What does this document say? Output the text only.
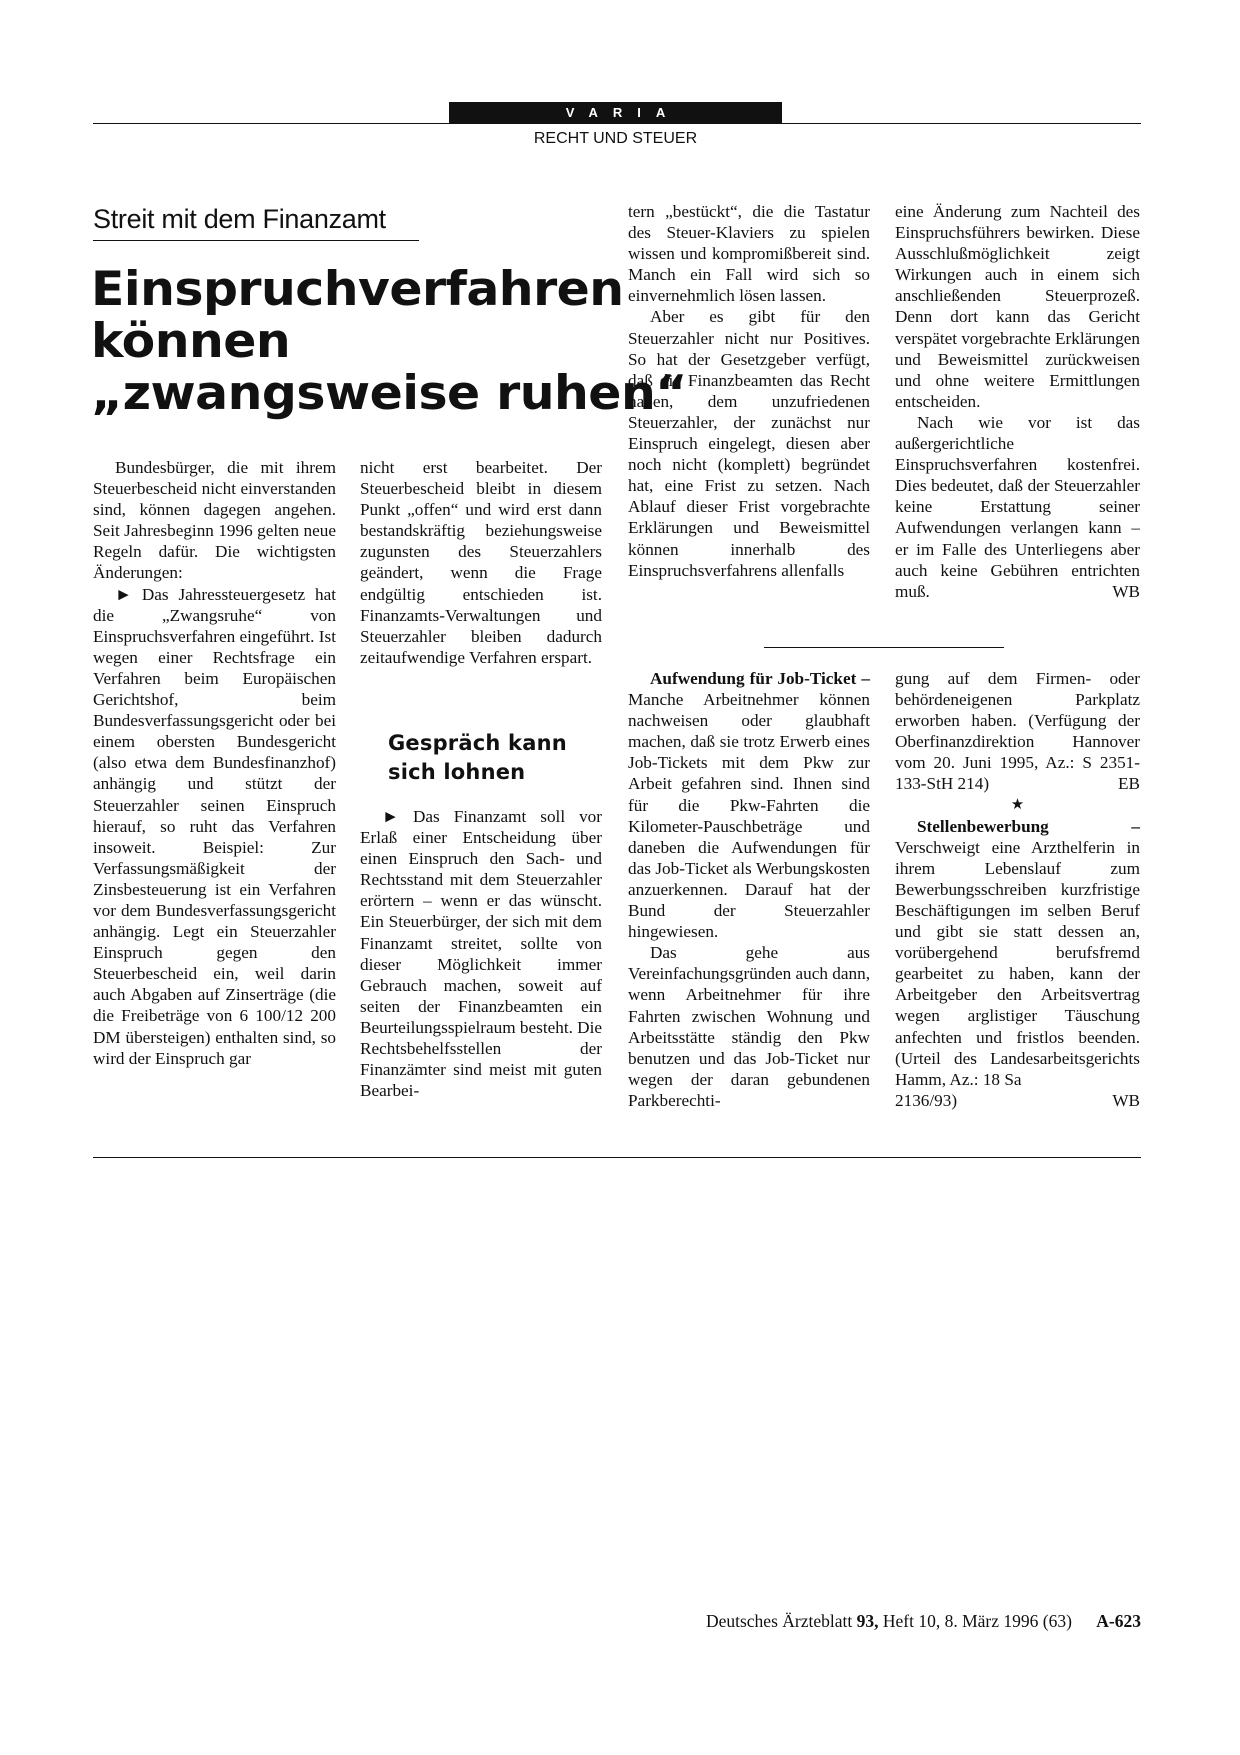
VARIA
RECHT UND STEUER
Streit mit dem Finanzamt
Einspruchverfahren
können
„zwangsweise ruhen“

Bundesbürger, die mit ihrem Steuerbescheid nicht einverstanden sind, können dagegen angehen. Seit Jahresbeginn 1996 gelten neue Regeln dafür. Die wichtigsten Änderungen:

► Das Jahressteuergesetz hat die „Zwangsruhe“ von Einspruchsverfahren eingeführt. Ist wegen einer Rechtsfrage ein Verfahren beim Europäischen Gerichtshof, beim Bundesverfassungsgericht oder bei einem obersten Bundesgericht (also etwa dem Bundesfinanzhof) anhängig und stützt der Steuerzahler seinen Einspruch hierauf, so ruht das Verfahren insoweit. Beispiel: Zur Verfassungsmäßigkeit der Zinsbesteuerung ist ein Verfahren vor dem Bundesverfassungsgericht anhängig. Legt ein Steuerzahler Einspruch gegen den Steuerbescheid ein, weil darin auch Abgaben auf Zinserträge (die die Freibeträge von 6 100/12 200 DM übersteigen) enthalten sind, so wird der Einspruch gar

nicht erst bearbeitet. Der Steuerbescheid bleibt in diesem Punkt „offen“ und wird erst dann bestandskräftig beziehungsweise zugunsten des Steuerzahlers geändert, wenn die Frage endgültig entschieden ist. Finanzamts-Verwaltungen und Steuerzahler bleiben dadurch zeitaufwendige Verfahren erspart.

Gespräch kann sich lohnen

► Das Finanzamt soll vor Erlaß einer Entscheidung über einen Einspruch den Sach- und Rechtsstand mit dem Steuerzahler erörtern – wenn er das wünscht. Ein Steuerbürger, der sich mit dem Finanzamt streitet, sollte von dieser Möglichkeit immer Gebrauch machen, soweit auf seiten der Finanzbeamten ein Beurteilungsspielraum besteht. Die Rechtsbehelfsstellen der Finanzämter sind meist mit guten Bearbei-

tern „bestückt“, die die Tastatur des Steuer-Klaviers zu spielen wissen und kompromißbereit sind. Manch ein Fall wird sich so einvernehmlich lösen lassen.

Aber es gibt für den Steuerzahler nicht nur Positives. So hat der Gesetzgeber verfügt, daß die Finanzbeamten das Recht haben, dem unzufriedenen Steuerzahler, der zunächst nur Einspruch eingelegt, diesen aber noch nicht (komplett) begründet hat, eine Frist zu setzen. Nach Ablauf dieser Frist vorgebrachte Erklärungen und Beweismittel können innerhalb des Einspruchsverfahrens allenfalls

eine Änderung zum Nachteil des Einspruchsführers bewirken. Diese Ausschlußmöglichkeit zeigt Wirkungen auch in einem sich anschließenden Steuerprozeß. Denn dort kann das Gericht verspätet vorgebrachte Erklärungen und Beweismittel zurückweisen und ohne weitere Ermittlungen entscheiden.

Nach wie vor ist das außergerichtliche Einspruchsverfahren kostenfrei. Dies bedeutet, daß der Steuerzahler keine Erstattung seiner Aufwendungen verlangen kann – er im Falle des Unterliegens aber auch keine Gebühren entrichten muß.	WB

Aufwendung für Job-Ticket – Manche Arbeitnehmer können nachweisen oder glaubhaft machen, daß sie trotz Erwerb eines Job-Tickets mit dem Pkw zur Arbeit gefahren sind. Ihnen sind für die Pkw-Fahrten die Kilometer-Pauschbeträge und daneben die Aufwendungen für das Job-Ticket als Werbungskosten anzuerkennen. Darauf hat der Bund der Steuerzahler hingewiesen.

Das gehe aus Vereinfachungsgründen auch dann, wenn Arbeitnehmer für ihre Fahrten zwischen Wohnung und Arbeitsstätte ständig den Pkw benutzen und das Job-Ticket nur wegen der daran gebundenen Parkberechti-

gung auf dem Firmen- oder behördeneigenen Parkplatz erworben haben. (Verfügung der Oberfinanzdirektion Hannover vom 20. Juni 1995, Az.: S 2351-133-StH 214)	EB

★

Stellenbewerbung – Verschweigt eine Arzthelferin in ihrem Lebenslauf zum Bewerbungsschreiben kurzfristige Beschäftigungen im selben Beruf und gibt sie statt dessen an, vorübergehend berufsfremd gearbeitet zu haben, kann der Arbeitgeber den Arbeitsvertrag wegen arglistiger Täuschung anfechten und fristlos beenden. (Urteil des Landesarbeitsgerichts Hamm, Az.: 18 Sa

2136/93)	WB
Deutsches Ärzteblatt 93, Heft 10, 8. März 1996 (63) A-623
